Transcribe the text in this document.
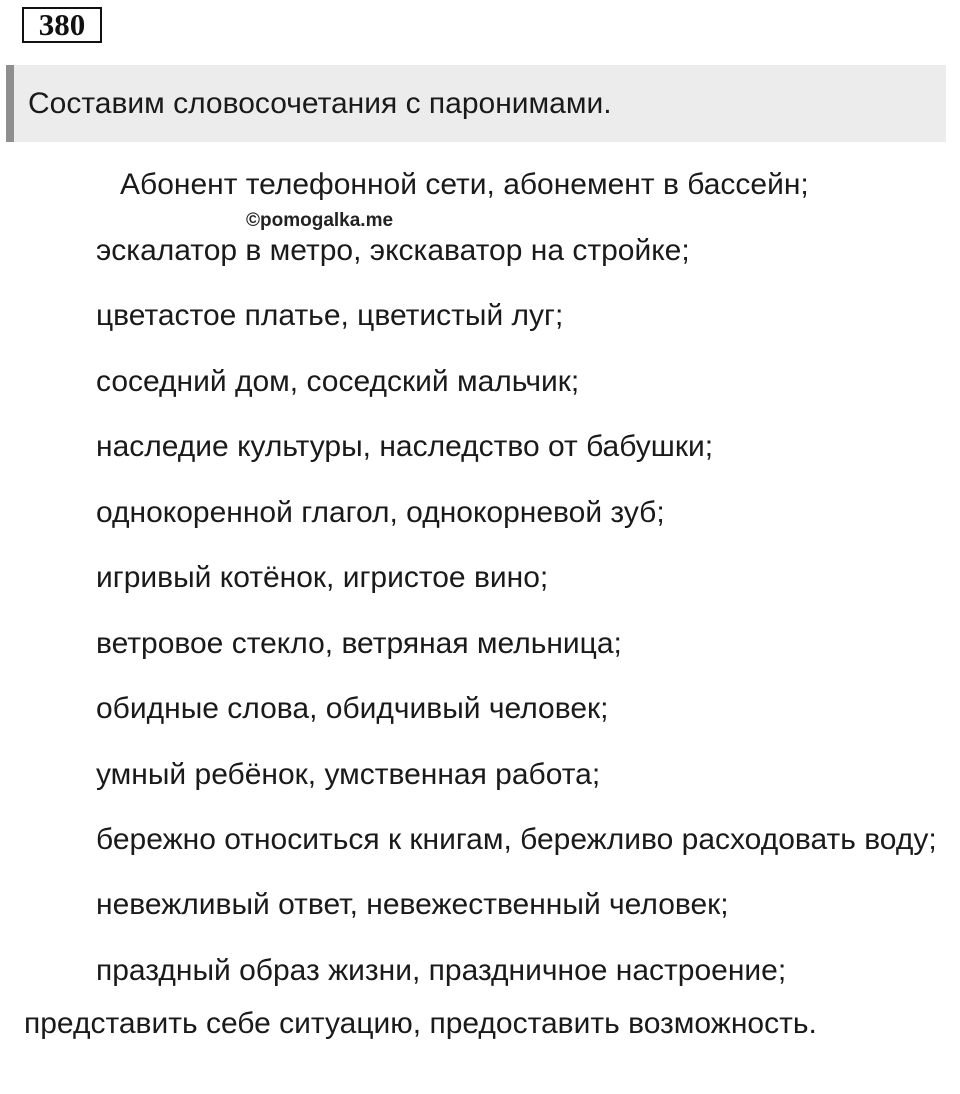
380
Составим словосочетания с паронимами.
©pomogalka.me

Абонент телефонной сети, абонемент в бассейн;

эскалатор в метро, экскаватор на стройке;

цветастое платье, цветистый луг;

соседний дом, соседский мальчик;

наследие культуры, наследство от бабушки;

однокоренной глагол, однокорневой зуб;

игривый котёнок, игристое вино;

ветровое стекло, ветряная мельница;

обидные слова, обидчивый человек;

умный ребёнок, умственная работа;

бережно относиться к книгам, бережливо расходовать воду;

невежливый ответ, невежественный человек;

праздный образ жизни, праздничное настроение;

представить себе ситуацию, предоставить возможность.
